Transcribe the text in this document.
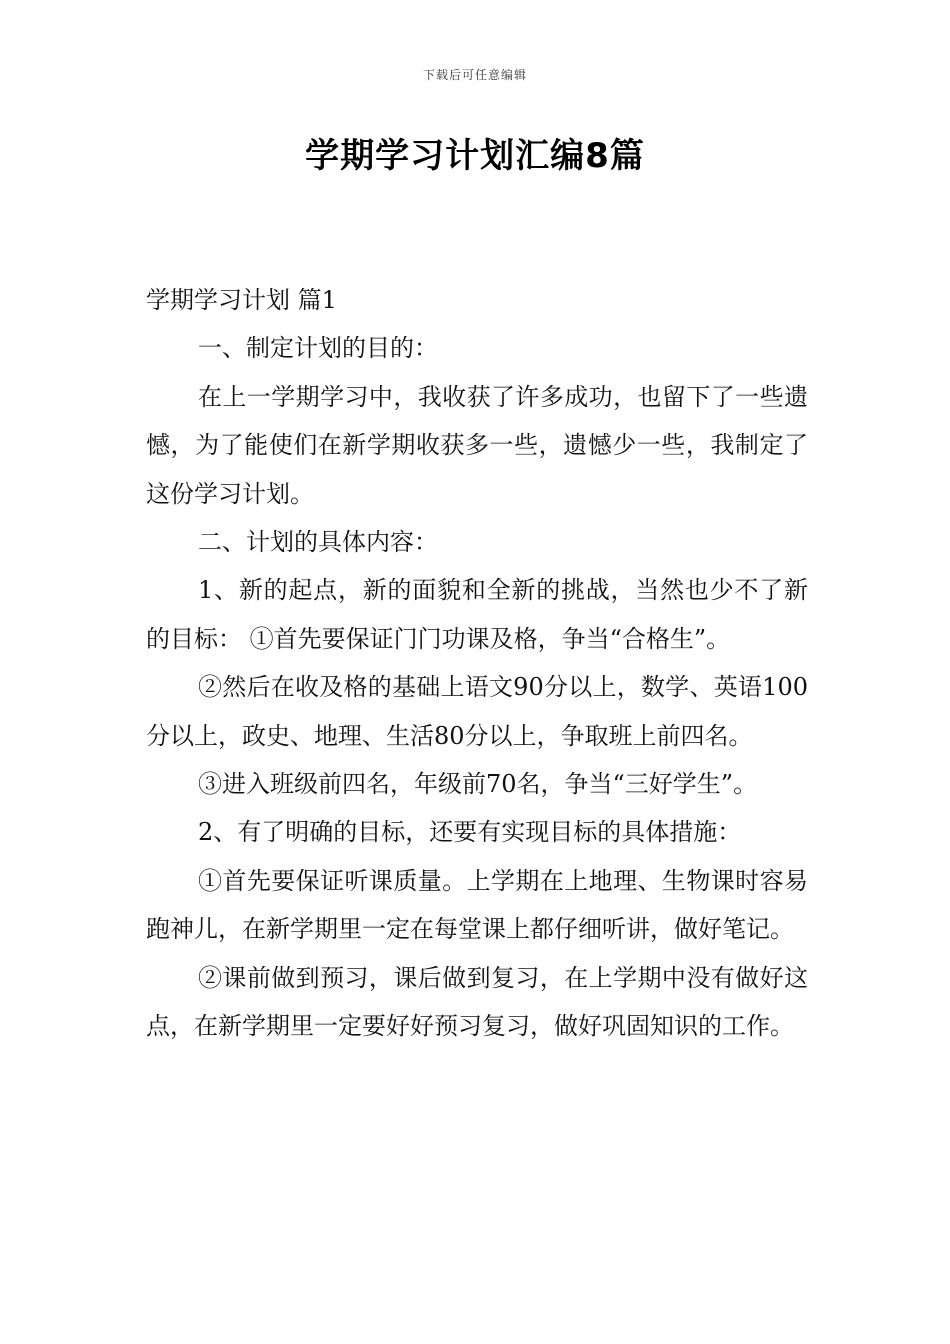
下载后可任意编辑
学期学习计划汇编8篇

学期学习计划 篇1

一、制定计划的目的：

在上一学期学习中，我收获了许多成功，也留下了一些遗憾，为了能使们在新学期收获多一些，遗憾少一些，我制定了这份学习计划。

二、计划的具体内容：

1、新的起点，新的面貌和全新的挑战，当然也少不了新的目标： ①首先要保证门门功课及格，争当“合格生”。

②然后在收及格的基础上语文90分以上，数学、英语100分以上，政史、地理、生活80分以上，争取班上前四名。

③进入班级前四名，年级前70名，争当“三好学生”。

2、有了明确的目标，还要有实现目标的具体措施：

①首先要保证听课质量。上学期在上地理、生物课时容易跑神儿，在新学期里一定在每堂课上都仔细听讲，做好笔记。

②课前做到预习，课后做到复习，在上学期中没有做好这点，在新学期里一定要好好预习复习，做好巩固知识的工作。
